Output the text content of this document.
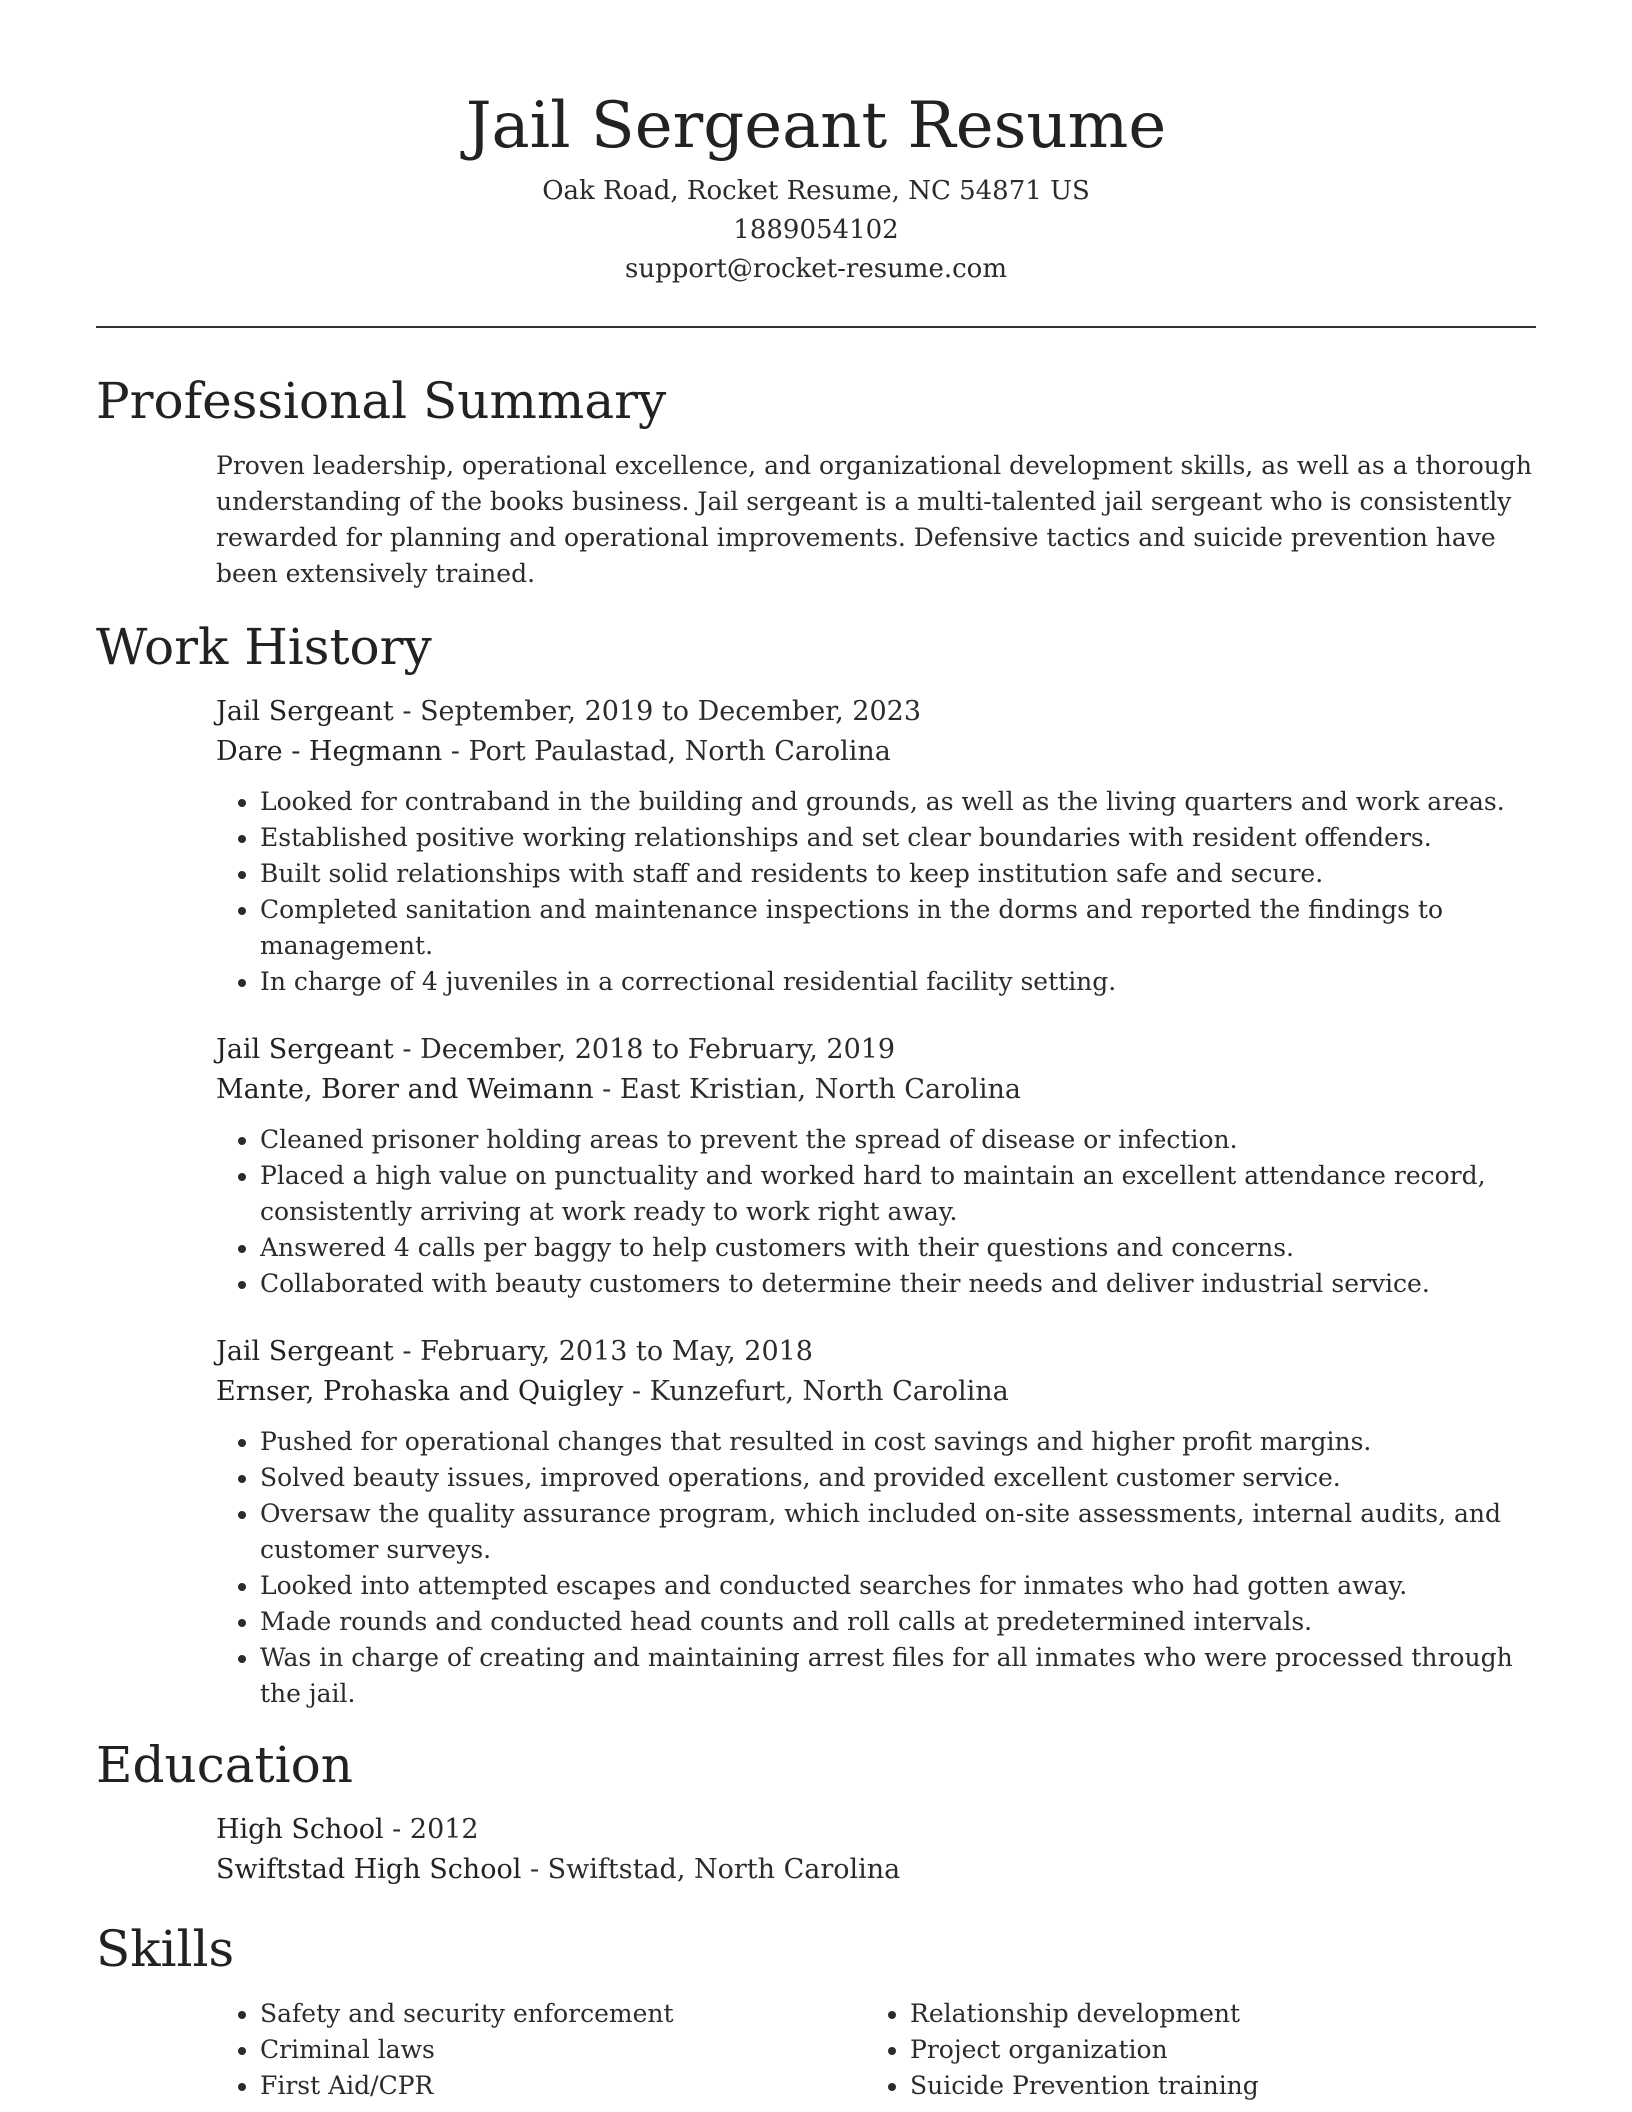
Jail Sergeant Resume
Oak Road, Rocket Resume, NC 54871 US
1889054102
support@rocket-resume.com
Professional Summary

Proven leadership, operational excellence, and organizational development skills, as well as a thorough understanding of the books business. Jail sergeant is a multi-talented jail sergeant who is consistently rewarded for planning and operational improvements. Defensive tactics and suicide prevention have been extensively trained.

Work History
Jail Sergeant - September, 2019 to December, 2023
Dare - Hegmann - Port Paulastad, North Carolina
• Looked for contraband in the building and grounds, as well as the living quarters and work areas.
• Established positive working relationships and set clear boundaries with resident offenders.
• Built solid relationships with staff and residents to keep institution safe and secure.
• Completed sanitation and maintenance inspections in the dorms and reported the findings to management.
• In charge of 4 juveniles in a correctional residential facility setting.
Jail Sergeant - December, 2018 to February, 2019
Mante, Borer and Weimann - East Kristian, North Carolina
• Cleaned prisoner holding areas to prevent the spread of disease or infection.
• Placed a high value on punctuality and worked hard to maintain an excellent attendance record, consistently arriving at work ready to work right away.
• Answered 4 calls per baggy to help customers with their questions and concerns.
• Collaborated with beauty customers to determine their needs and deliver industrial service.
Jail Sergeant - February, 2013 to May, 2018
Ernser, Prohaska and Quigley - Kunzefurt, North Carolina
• Pushed for operational changes that resulted in cost savings and higher profit margins.
• Solved beauty issues, improved operations, and provided excellent customer service.
• Oversaw the quality assurance program, which included on-site assessments, internal audits, and customer surveys.
• Looked into attempted escapes and conducted searches for inmates who had gotten away.
• Made rounds and conducted head counts and roll calls at predetermined intervals.
• Was in charge of creating and maintaining arrest files for all inmates who were processed through the jail.
Education
High School - 2012
Swiftstad High School - Swiftstad, North Carolina
Skills
• Safety and security enforcement
• Criminal laws
• First Aid/CPR
• Relationship development
• Project organization
• Suicide Prevention training
